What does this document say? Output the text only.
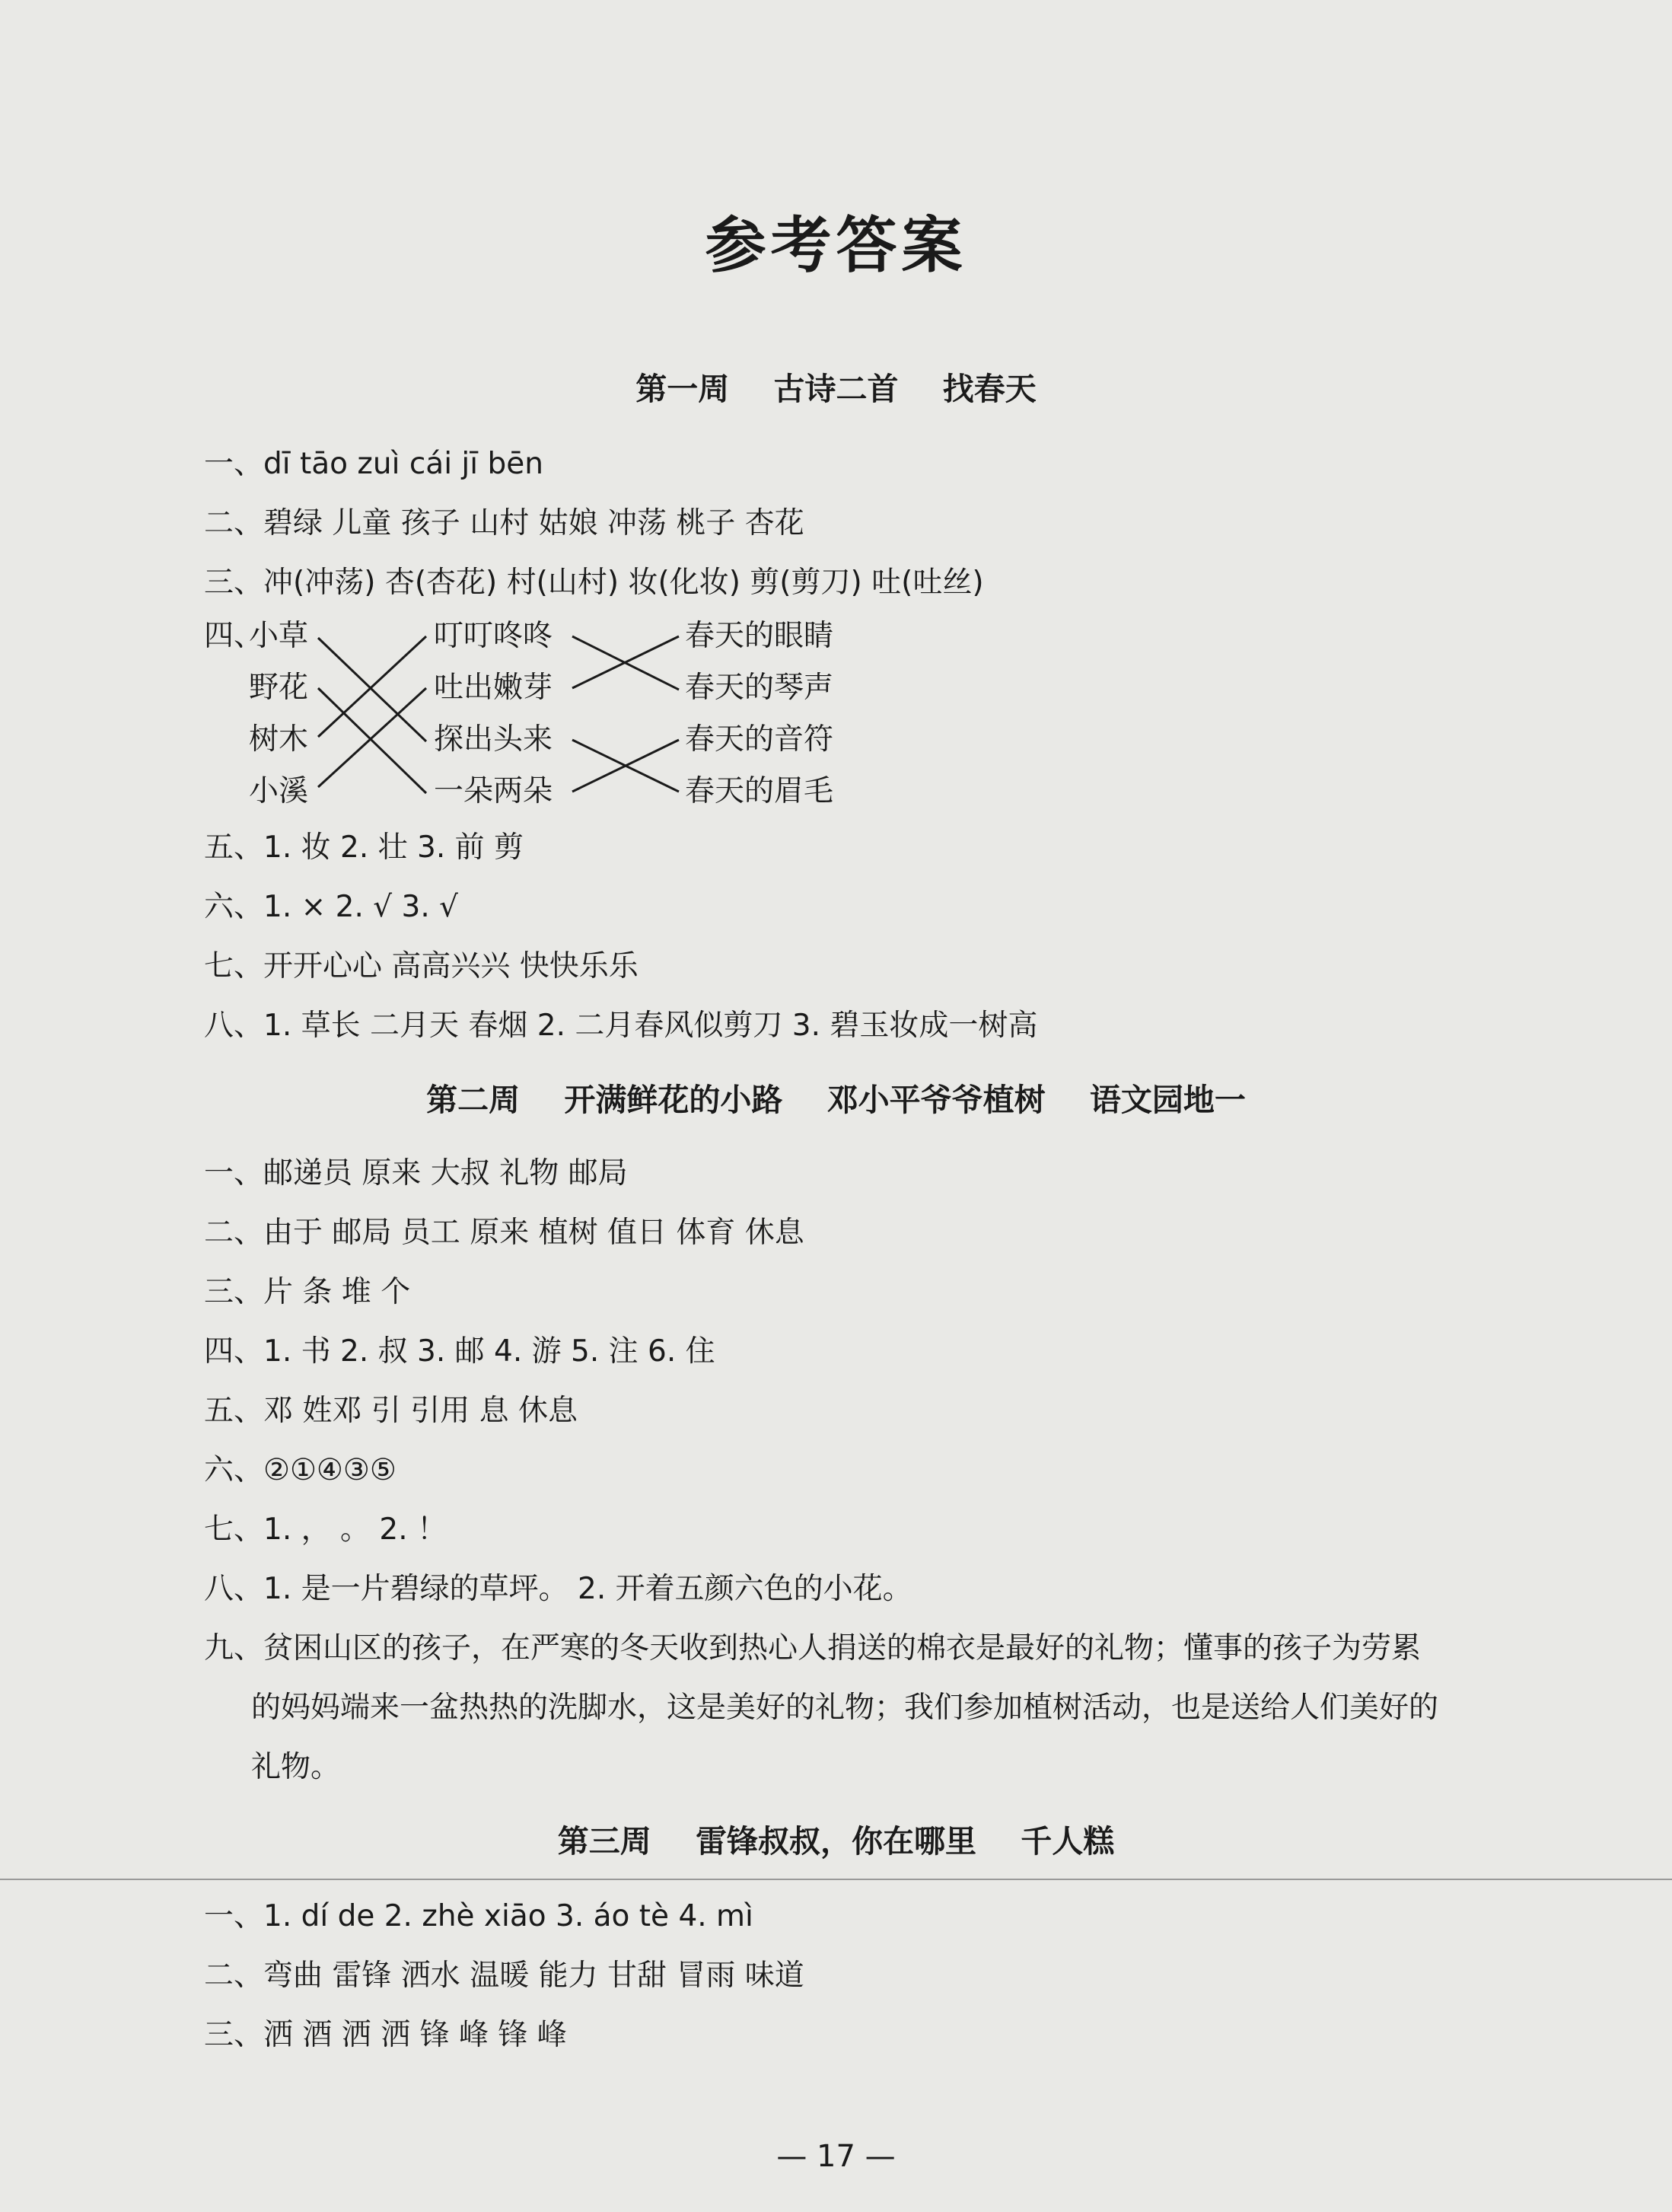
参考答案
第一周 古诗二首 找春天
一、dī tāo zuì cái jī bēn
二、碧绿 儿童 孩子 山村 姑娘 冲荡 桃子 杏花
三、冲(冲荡) 杏(杏花) 村(山村) 妆(化妆) 剪(剪刀) 吐(吐丝)
四、
小草
野花
树木
小溪
叮叮咚咚
吐出嫩芽
探出头来
一朵两朵
春天的眼睛
春天的琴声
春天的音符
春天的眉毛
五、1. 妆 2. 壮 3. 前 剪
六、1. × 2. √ 3. √
七、开开心心 高高兴兴 快快乐乐
八、1. 草长 二月天 春烟 2. 二月春风似剪刀 3. 碧玉妆成一树高
第二周 开满鲜花的小路 邓小平爷爷植树 语文园地一
一、邮递员 原来 大叔 礼物 邮局
二、由于 邮局 员工 原来 植树 值日 体育 休息
三、片 条 堆 个
四、1. 书 2. 叔 3. 邮 4. 游 5. 注 6. 住
五、邓 姓邓 引 引用 息 休息
六、②①④③⑤
七、1. ， 。 2. ！
八、1. 是一片碧绿的草坪。 2. 开着五颜六色的小花。
九、贫困山区的孩子，在严寒的冬天收到热心人捐送的棉衣是最好的礼物；懂事的孩子为劳累
的妈妈端来一盆热热的洗脚水，这是美好的礼物；我们参加植树活动，也是送给人们美好的
礼物。
第三周 雷锋叔叔，你在哪里 千人糕
一、1. dí de 2. zhè xiāo 3. áo tè 4. mì
二、弯曲 雷锋 洒水 温暖 能力 甘甜 冒雨 味道
三、洒 酒 洒 洒 锋 峰 锋 峰
— 17 —
